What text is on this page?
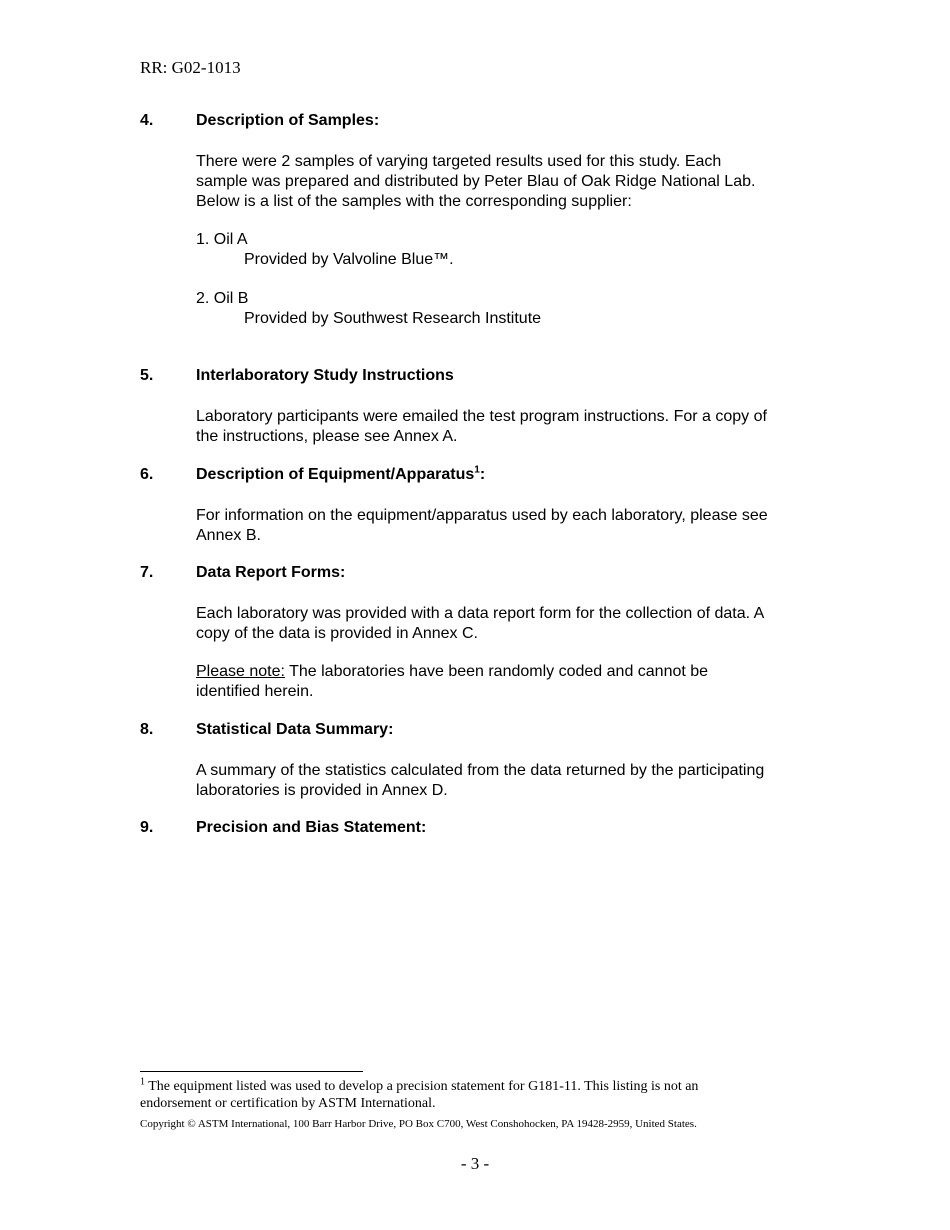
RR: G02-1013
4.	Description of Samples:
There were 2 samples of varying targeted results used for this study. Each
sample was prepared and distributed by Peter Blau of Oak Ridge National Lab.
Below is a list of the samples with the corresponding supplier:
1. Oil A
Provided by Valvoline Blue™.
2. Oil B
Provided by Southwest Research Institute
5.	Interlaboratory Study Instructions
Laboratory participants were emailed the test program instructions. For a copy of
the instructions, please see Annex A.
6.	Description of Equipment/Apparatus$^1$:
For information on the equipment/apparatus used by each laboratory, please see
Annex B.
7.	Data Report Forms:
Each laboratory was provided with a data report form for the collection of data. A
copy of the data is provided in Annex C.
Please note: The laboratories have been randomly coded and cannot be
identified herein.
8.	Statistical Data Summary:
A summary of the statistics calculated from the data returned by the participating
laboratories is provided in Annex D.
9.	Precision and Bias Statement:
$^1$ The equipment listed was used to develop a precision statement for G181-11. This listing is not an
endorsement or certification by ASTM International.
Copyright © ASTM International, 100 Barr Harbor Drive, PO Box C700, West Conshohocken, PA 19428-2959, United States.
- 3 -
